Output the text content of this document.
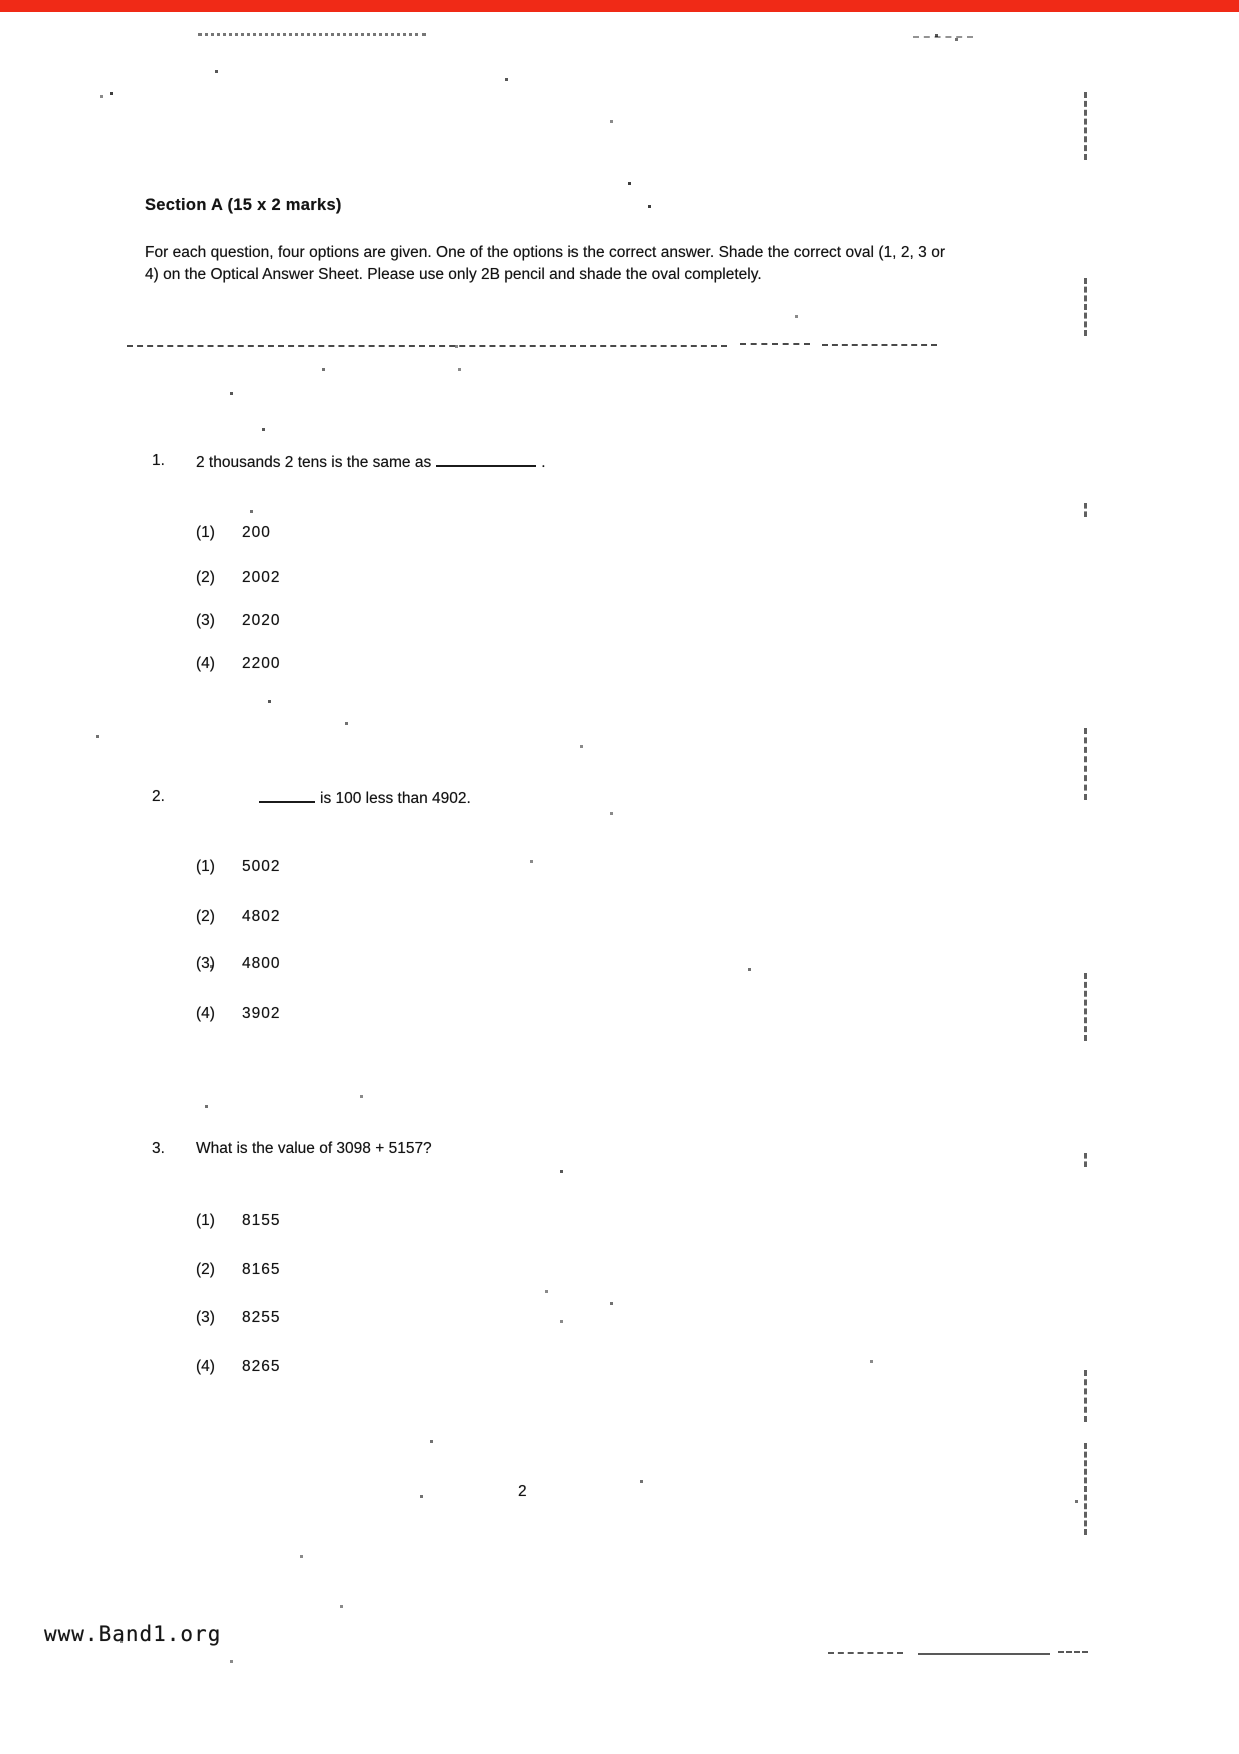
Section A (15 x 2 marks)
For each question, four options are given. One of the options is the correct answer. Shade the correct oval (1, 2, 3 or 4) on the Optical Answer Sheet. Please use only 2B pencil and shade the oval completely.
1. 2 thousands 2 tens is the same as	.
(1) 200
(2) 2002
(3) 2020
(4) 2200
2.	is 100 less than 4902.
(1) 5002
(2) 4802
(3) 4800
(4) 3902
3. What is the value of 3098 + 5157?
(1) 8155
(2) 8165
(3) 8255
(4) 8265
2
www.Band1.org
